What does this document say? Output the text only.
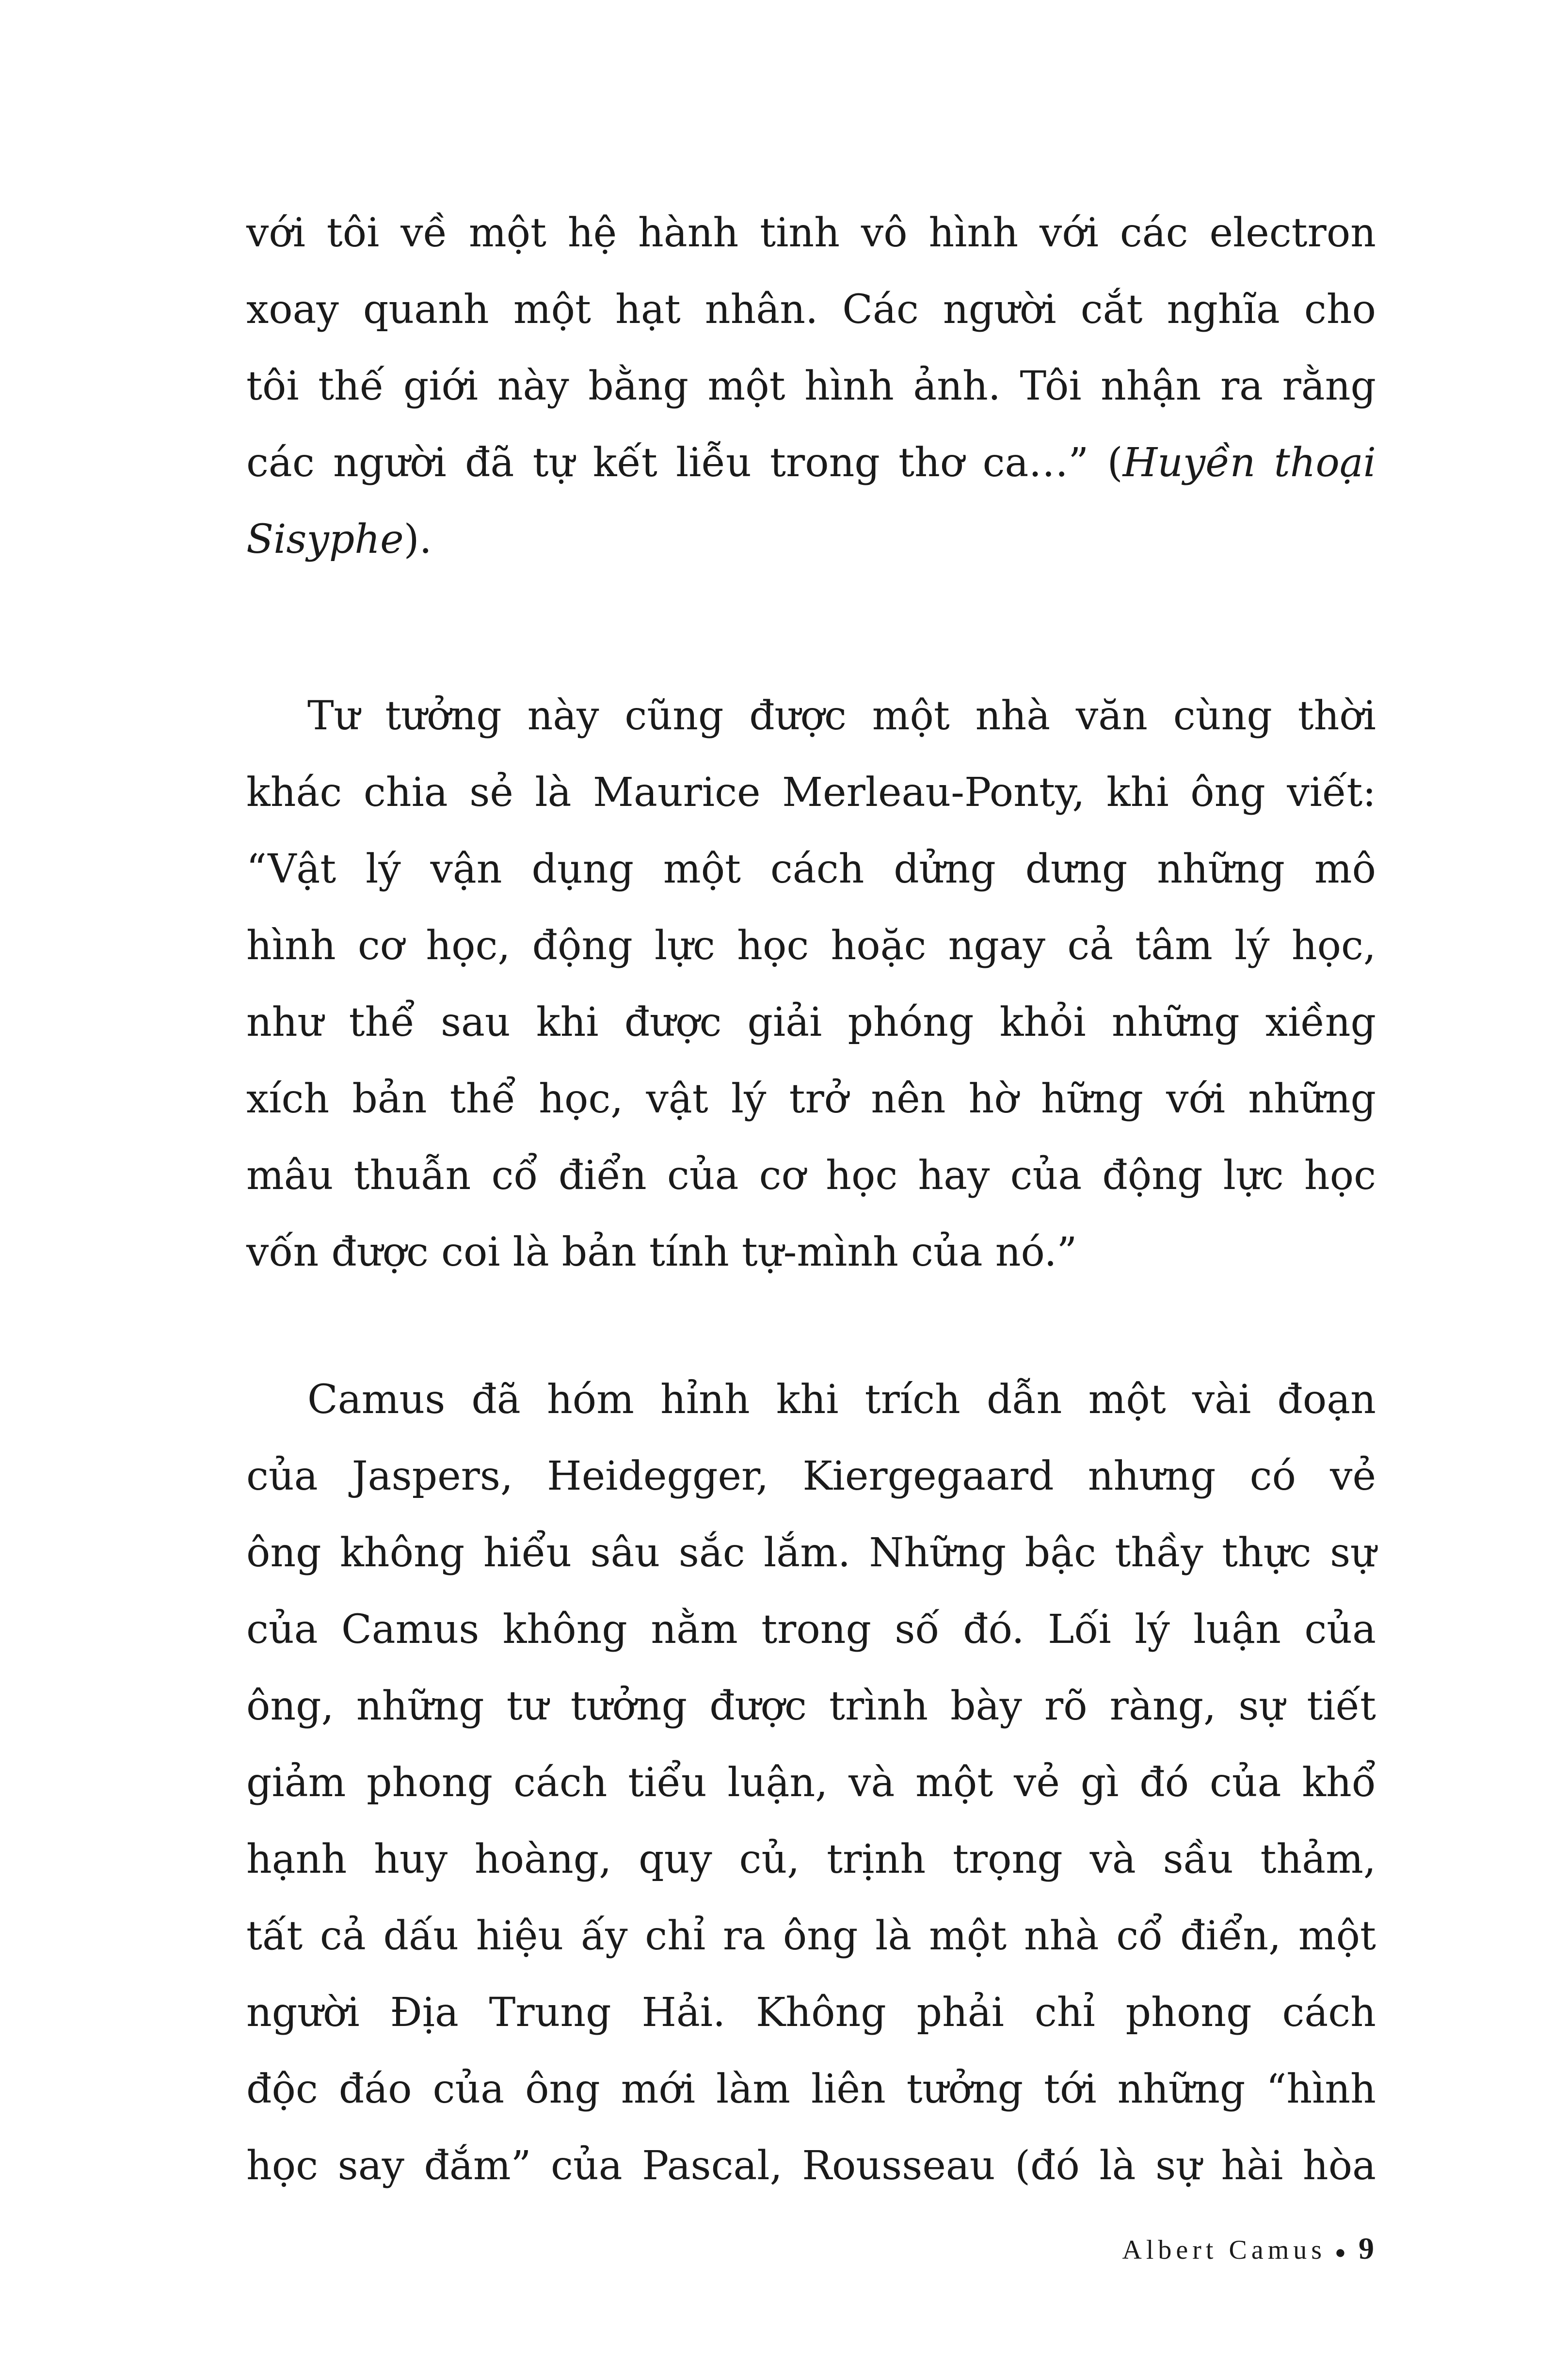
với tôi về một hệ hành tinh vô hình với các electron
xoay quanh một hạt nhân. Các người cắt nghĩa cho
tôi thế giới này bằng một hình ảnh. Tôi nhận ra rằng
các người đã tự kết liễu trong thơ ca…” (Huyền thoại
Sisyphe).
Tư tưởng này cũng được một nhà văn cùng thời
khác chia sẻ là Maurice Merleau-Ponty, khi ông viết:
“Vật lý vận dụng một cách dửng dưng những mô
hình cơ học, động lực học hoặc ngay cả tâm lý học,
như thể sau khi được giải phóng khỏi những xiềng
xích bản thể học, vật lý trở nên hờ hững với những
mâu thuẫn cổ điển của cơ học hay của động lực học
vốn được coi là bản tính tự-mình của nó.”
Camus đã hóm hỉnh khi trích dẫn một vài đoạn
của Jaspers, Heidegger, Kiergegaard nhưng có vẻ
ông không hiểu sâu sắc lắm. Những bậc thầy thực sự
của Camus không nằm trong số đó. Lối lý luận của
ông, những tư tưởng được trình bày rõ ràng, sự tiết
giảm phong cách tiểu luận, và một vẻ gì đó của khổ
hạnh huy hoàng, quy củ, trịnh trọng và sầu thảm,
tất cả dấu hiệu ấy chỉ ra ông là một nhà cổ điển, một
người Địa Trung Hải. Không phải chỉ phong cách
độc đáo của ông mới làm liên tưởng tới những “hình
học say đắm” của Pascal, Rousseau (đó là sự hài hòa
Albert Camus ● 9
